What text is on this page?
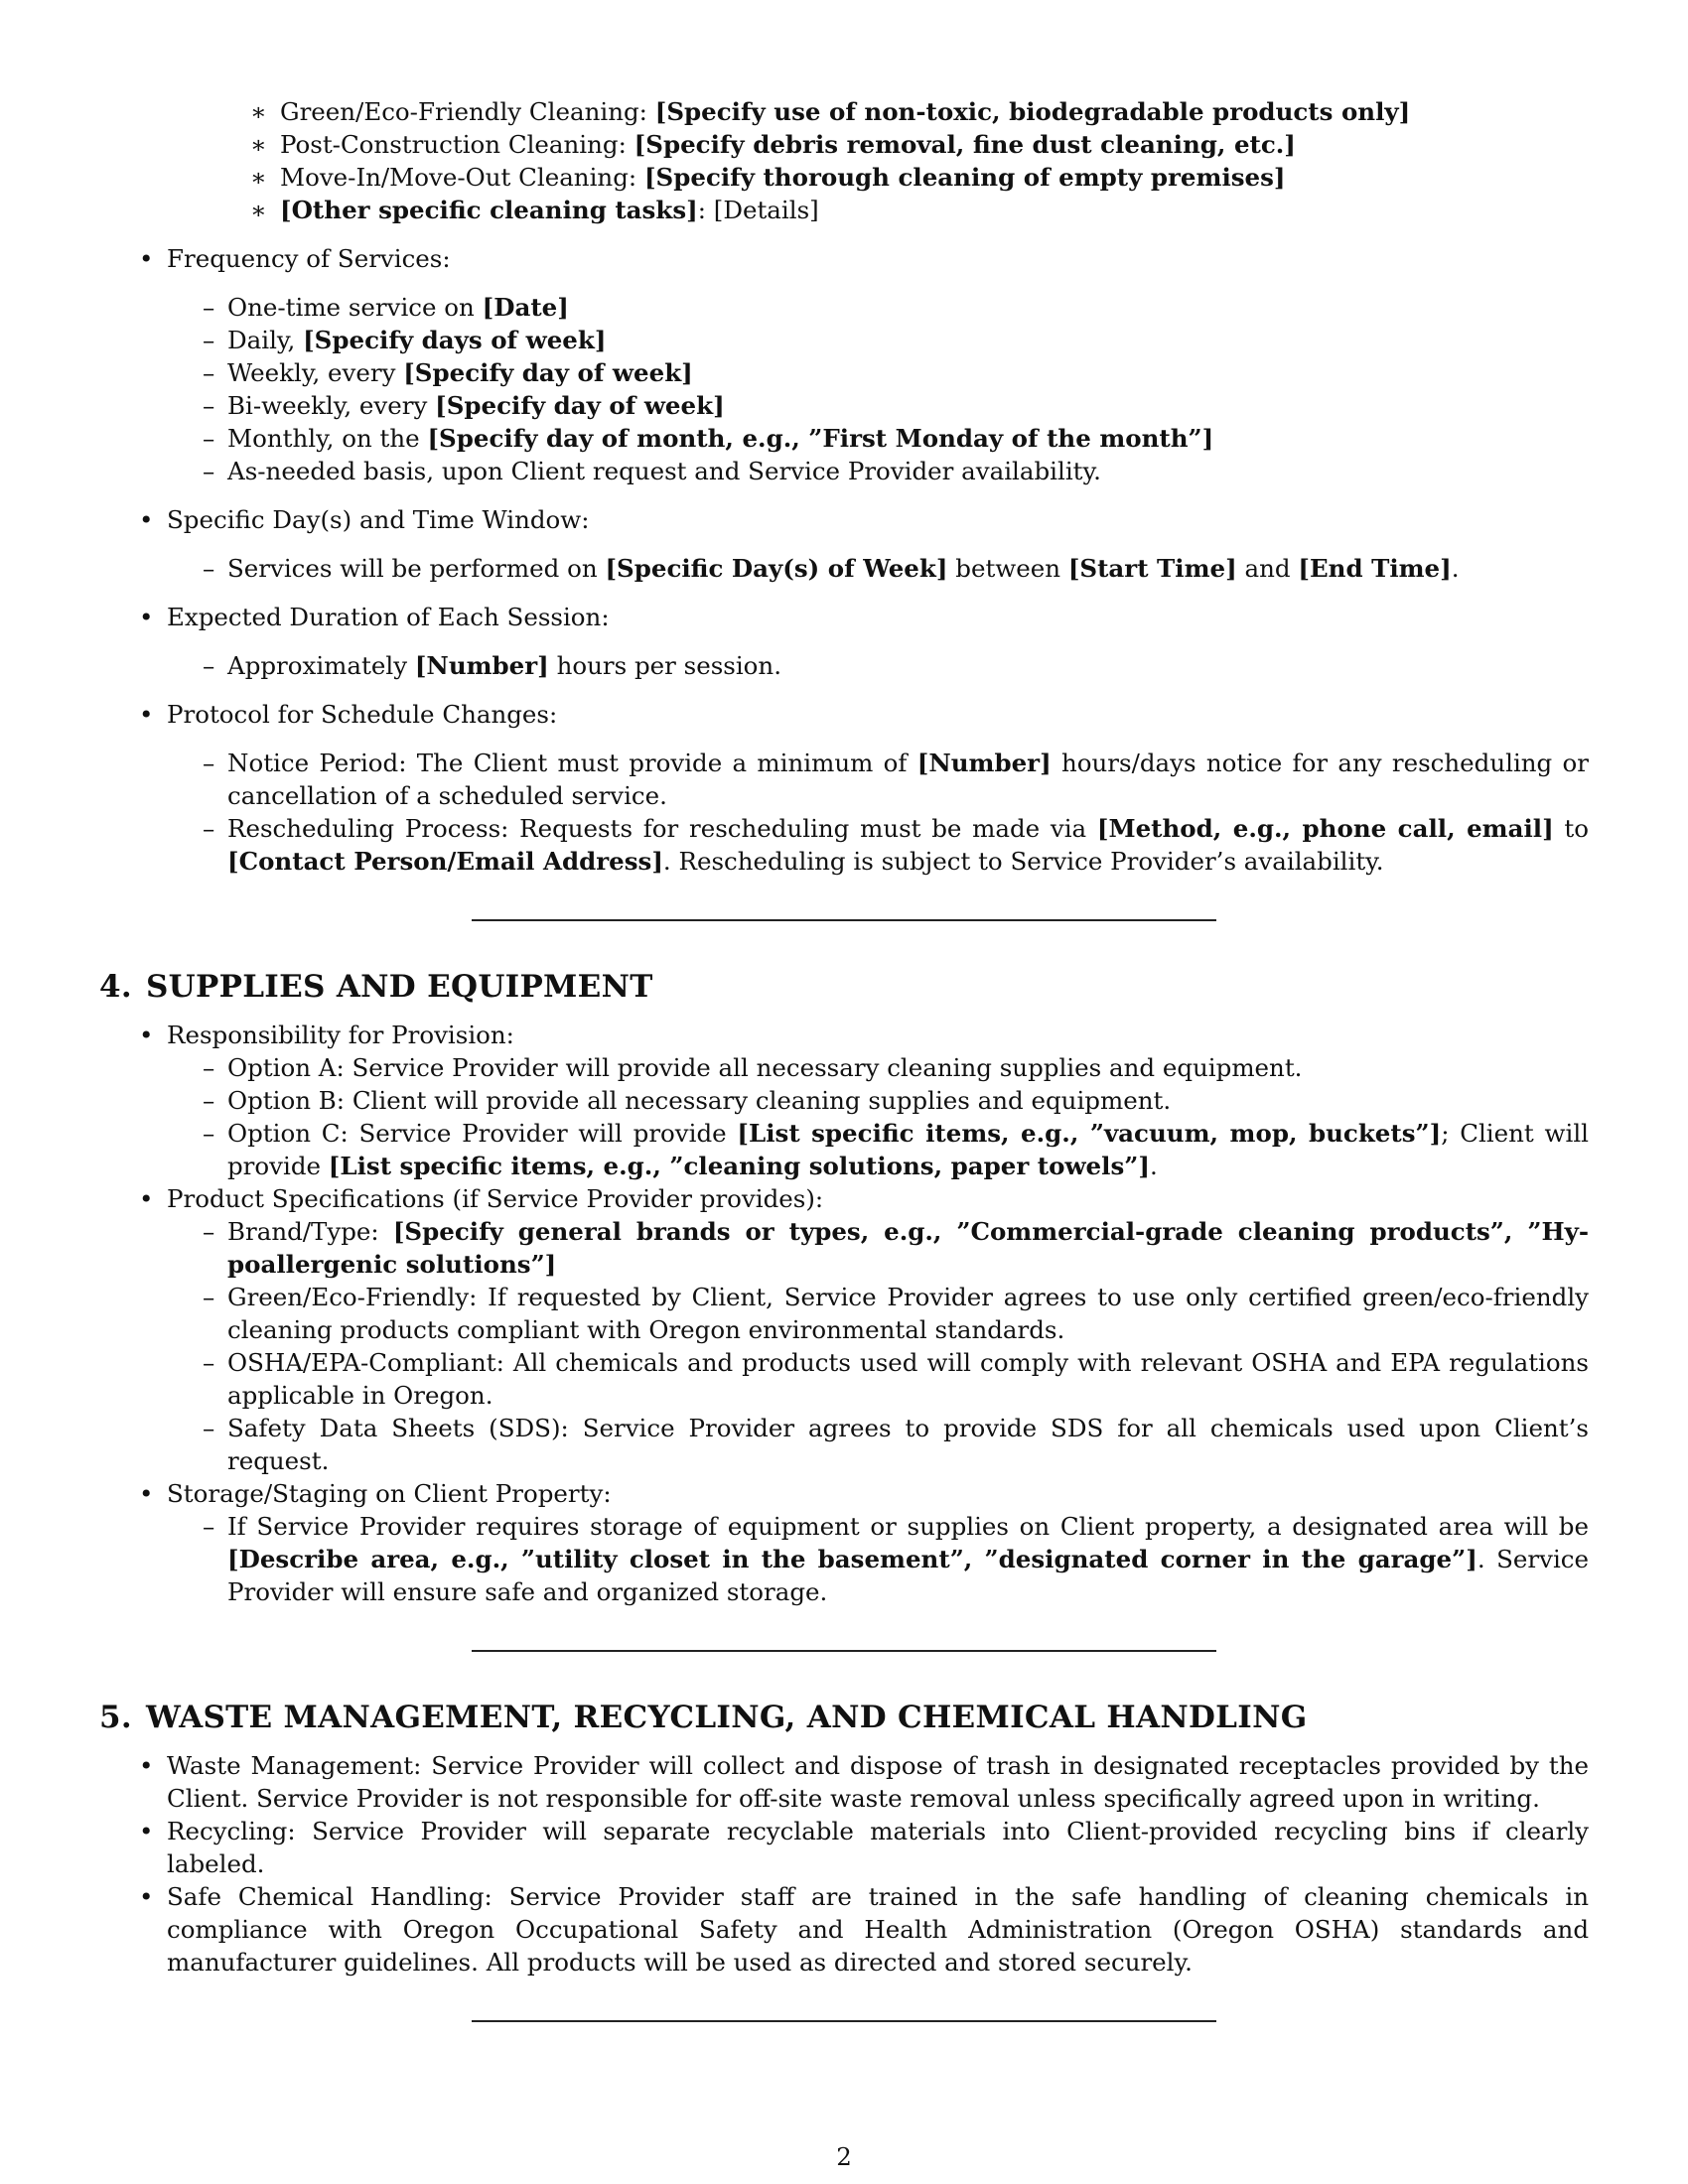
∗ Green/Eco-Friendly Cleaning: [Specify use of non-toxic, biodegradable products only]
∗ Post-Construction Cleaning: [Specify debris removal, fine dust cleaning, etc.]
∗ Move-In/Move-Out Cleaning: [Specify thorough cleaning of empty premises]
∗ [Other specific cleaning tasks]: [Details]
• Frequency of Services:
– One-time service on [Date]
– Daily, [Specify days of week]
– Weekly, every [Specify day of week]
– Bi-weekly, every [Specify day of week]
– Monthly, on the [Specify day of month, e.g., ”First Monday of the month”]
– As-needed basis, upon Client request and Service Provider availability.
• Specific Day(s) and Time Window:
– Services will be performed on [Specific Day(s) of Week] between [Start Time] and [End Time].
• Expected Duration of Each Session:
– Approximately [Number] hours per session.
• Protocol for Schedule Changes:
– Notice Period: The Client must provide a minimum of [Number] hours/days notice for any rescheduling or cancellation of a scheduled service.
– Rescheduling Process: Requests for rescheduling must be made via [Method, e.g., phone call, email] to [Contact Person/Email Address]. Rescheduling is subject to Service Provider’s availability.
4. SUPPLIES AND EQUIPMENT
• Responsibility for Provision:
– Option A: Service Provider will provide all necessary cleaning supplies and equipment.
– Option B: Client will provide all necessary cleaning supplies and equipment.
– Option C: Service Provider will provide [List specific items, e.g., ”vacuum, mop, buckets”]; Client will provide [List specific items, e.g., ”cleaning solutions, paper towels”].
• Product Specifications (if Service Provider provides):
– Brand/Type: [Specify general brands or types, e.g., ”Commercial-grade cleaning products”, ”Hy-poallergenic solutions”]
– Green/Eco-Friendly: If requested by Client, Service Provider agrees to use only certified green/eco-friendly cleaning products compliant with Oregon environmental standards.
– OSHA/EPA-Compliant: All chemicals and products used will comply with relevant OSHA and EPA regulations applicable in Oregon.
– Safety Data Sheets (SDS): Service Provider agrees to provide SDS for all chemicals used upon Client’s request.
• Storage/Staging on Client Property:
– If Service Provider requires storage of equipment or supplies on Client property, a designated area will be [Describe area, e.g., ”utility closet in the basement”, ”designated corner in the garage”]. Service Provider will ensure safe and organized storage.
5. WASTE MANAGEMENT, RECYCLING, AND CHEMICAL HANDLING
• Waste Management: Service Provider will collect and dispose of trash in designated receptacles provided by the Client. Service Provider is not responsible for off-site waste removal unless specifically agreed upon in writing.
• Recycling: Service Provider will separate recyclable materials into Client-provided recycling bins if clearly labeled.
• Safe Chemical Handling: Service Provider staff are trained in the safe handling of cleaning chemicals in compliance with Oregon Occupational Safety and Health Administration (Oregon OSHA) standards and manufacturer guidelines. All products will be used as directed and stored securely.
2
